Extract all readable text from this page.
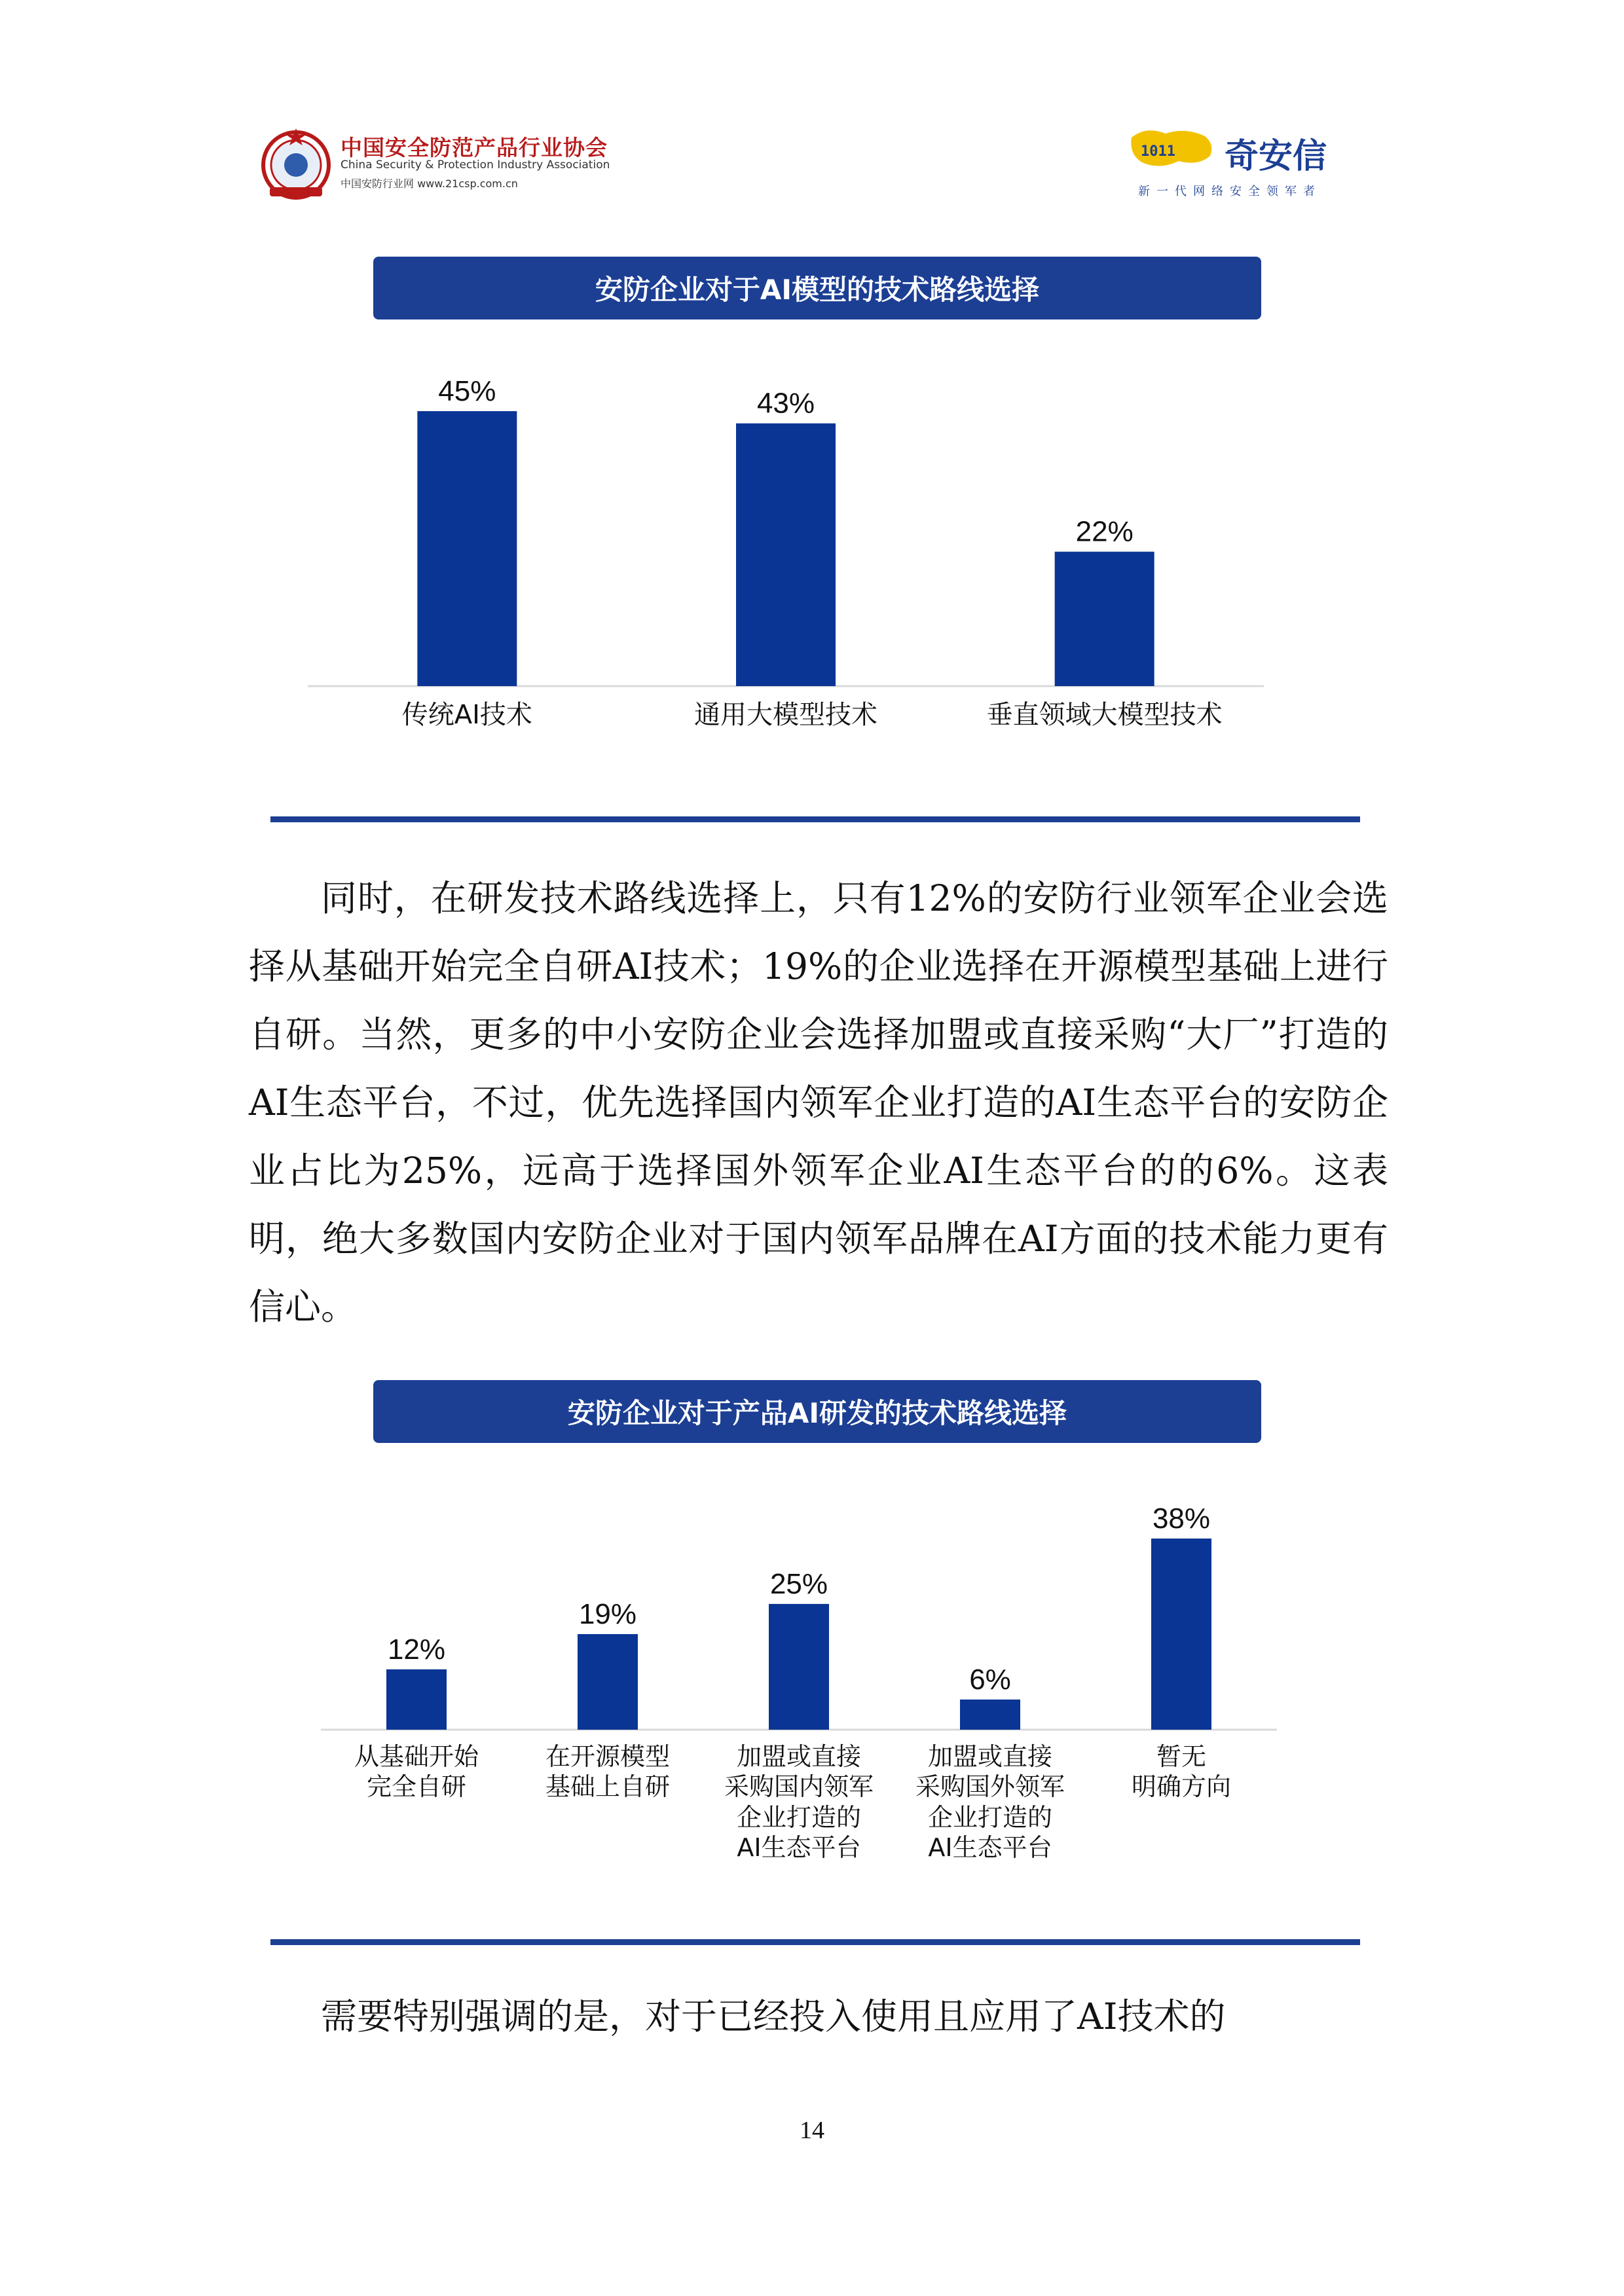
中国安全防范产品行业协会
China Security & Protection Industry Association
中国安防行业网 www.21csp.com.cn
1011 奇安信
新一代网络安全领军者
安防企业对于AI模型的技术路线选择
45%	43%
22%
传统AI技术	通用大模型技术	垂直领域大模型技术
同时，在研发技术路线选择上，只有12%的安防行业领军企业会选择从基础开始完全自研AI技术；19%的企业选择在开源模型基础上进行自研。当然，更多的中小安防企业会选择加盟或直接采购“大厂”打造的AI生态平台，不过，优先选择国内领军企业打造的AI生态平台的安防企业占比为25%，远高于选择国外领军企业AI生态平台的的6%。这表明，绝大多数国内安防企业对于国内领军品牌在AI方面的技术能力更有信心。
安防企业对于产品AI研发的技术路线选择
12%
19%
25%
6%
38%
从基础开始
完全自研
在开源模型
基础上自研
加盟或直接
采购国内领军
企业打造的
AI生态平台
加盟或直接
采购国外领军
企业打造的
AI生态平台
暂无
明确方向
需要特别强调的是，对于已经投入使用且应用了AI技术的
14
